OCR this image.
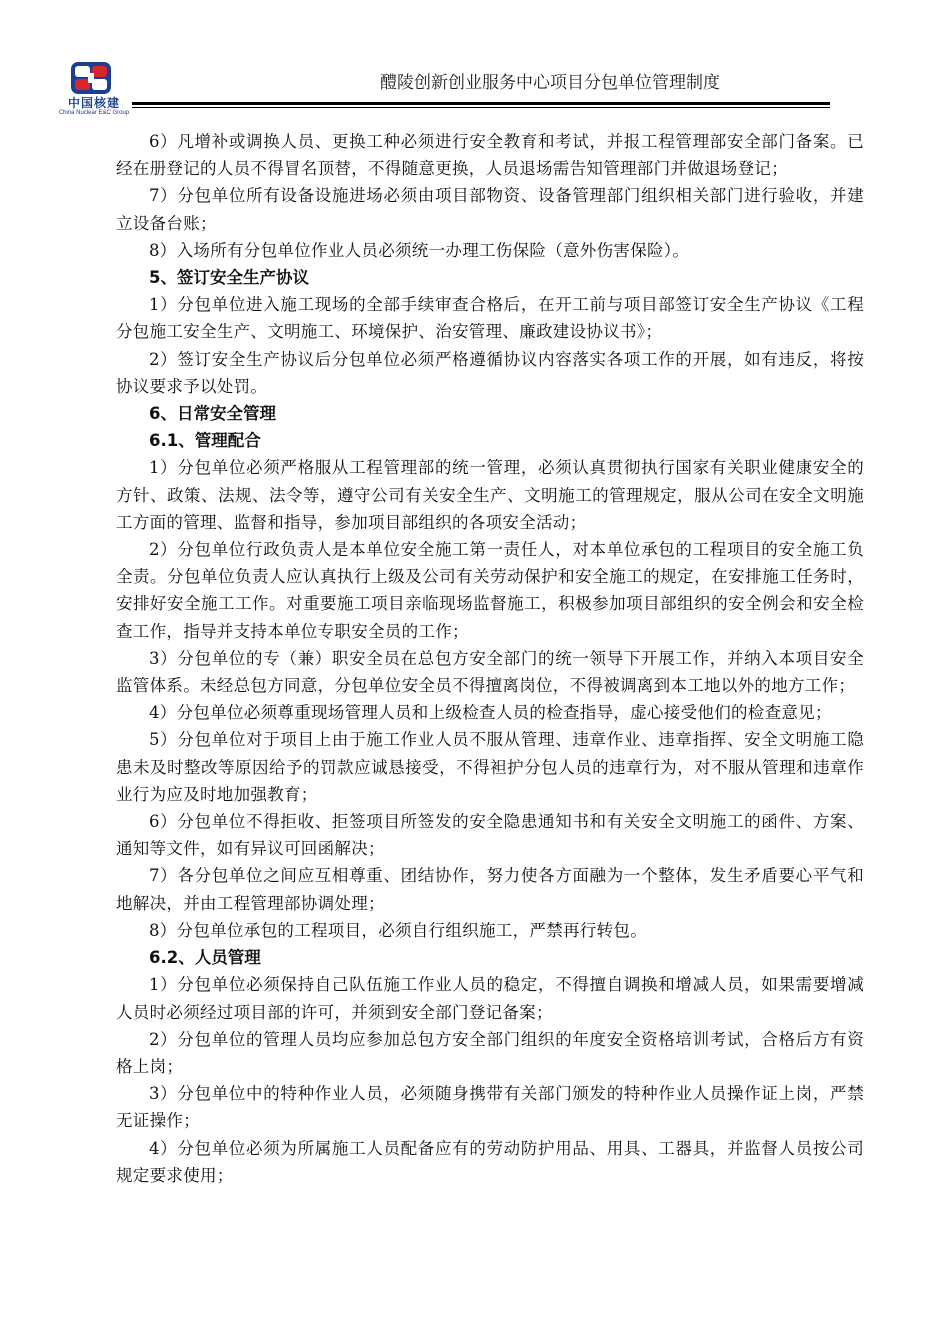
中国核建
China Nuclear E&C Group
醴陵创新创业服务中心项目分包单位管理制度

6）凡增补或调换人员、更换工种必须进行安全教育和考试，并报工程管理部安全部门备案。已经在册登记的人员不得冒名顶替，不得随意更换，人员退场需告知管理部门并做退场登记；

7）分包单位所有设备设施进场必须由项目部物资、设备管理部门组织相关部门进行验收，并建立设备台账；

8）入场所有分包单位作业人员必须统一办理工伤保险（意外伤害保险）。

5、签订安全生产协议

1）分包单位进入施工现场的全部手续审查合格后，在开工前与项目部签订安全生产协议《工程分包施工安全生产、文明施工、环境保护、治安管理、廉政建设协议书》；

2）签订安全生产协议后分包单位必须严格遵循协议内容落实各项工作的开展，如有违反，将按协议要求予以处罚。

6、日常安全管理

6.1、管理配合

1）分包单位必须严格服从工程管理部的统一管理，必须认真贯彻执行国家有关职业健康安全的方针、政策、法规、法令等，遵守公司有关安全生产、文明施工的管理规定，服从公司在安全文明施工方面的管理、监督和指导，参加项目部组织的各项安全活动；

2）分包单位行政负责人是本单位安全施工第一责任人，对本单位承包的工程项目的安全施工负全责。分包单位负责人应认真执行上级及公司有关劳动保护和安全施工的规定，在安排施工任务时，安排好安全施工工作。对重要施工项目亲临现场监督施工，积极参加项目部组织的安全例会和安全检查工作，指导并支持本单位专职安全员的工作；

3）分包单位的专（兼）职安全员在总包方安全部门的统一领导下开展工作，并纳入本项目安全监管体系。未经总包方同意，分包单位安全员不得擅离岗位，不得被调离到本工地以外的地方工作；

4）分包单位必须尊重现场管理人员和上级检查人员的检查指导，虚心接受他们的检查意见；

5）分包单位对于项目上由于施工作业人员不服从管理、违章作业、违章指挥、安全文明施工隐患未及时整改等原因给予的罚款应诚恳接受，不得袒护分包人员的违章行为，对不服从管理和违章作业行为应及时地加强教育；

6）分包单位不得拒收、拒签项目所签发的安全隐患通知书和有关安全文明施工的函件、方案、通知等文件，如有异议可回函解决；

7）各分包单位之间应互相尊重、团结协作，努力使各方面融为一个整体，发生矛盾要心平气和地解决，并由工程管理部协调处理；

8）分包单位承包的工程项目，必须自行组织施工，严禁再行转包。

6.2、人员管理

1）分包单位必须保持自己队伍施工作业人员的稳定，不得擅自调换和增减人员，如果需要增减人员时必须经过项目部的许可，并须到安全部门登记备案；

2）分包单位的管理人员均应参加总包方安全部门组织的年度安全资格培训考试，合格后方有资格上岗；

3）分包单位中的特种作业人员，必须随身携带有关部门颁发的特种作业人员操作证上岗，严禁无证操作；

4）分包单位必须为所属施工人员配备应有的劳动防护用品、用具、工器具，并监督人员按公司规定要求使用；
